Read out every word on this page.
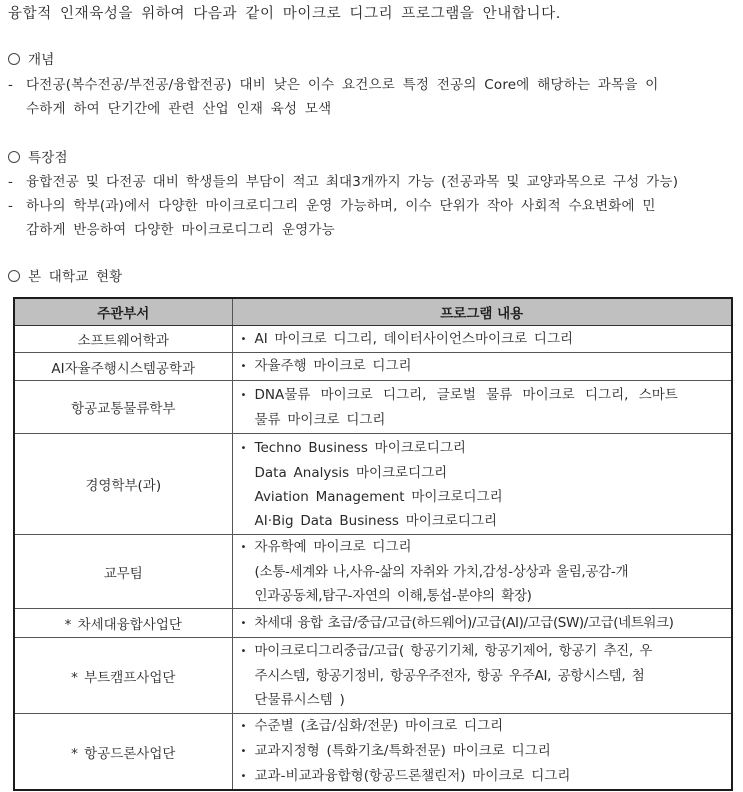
융합적 인재육성을 위하여 다음과 같이 마이크로 디그리 프로그램을 안내합니다.
개념
- 다전공(복수전공/부전공/융합전공) 대비 낮은 이수 요건으로 특정 전공의 Core에 해당하는 과목을 이
수하게 하여 단기간에 관련 산업 인재 육성 모색
특장점
- 융합전공 및 다전공 대비 학생들의 부담이 적고 최대3개까지 가능 (전공과목 및 교양과목으로 구성 가능)
- 하나의 학부(과)에서 다양한 마이크로디그리 운영 가능하며, 이수 단위가 작아 사회적 수요변화에 민
감하게 반응하여 다양한 마이크로디그리 운영가능
본 대학교 현황
주관부서	프로그램 내용
소프트웨어학과	• AI 마이크로 디그리, 데이터사이언스마이크로 디그리

AI자율주행시스템공학과	• 자율주행 마이크로 디그리

항공교통물류학부	• DNA물류 마이크로 디그리, 글로벌 물류 마이크로 디그리, 스마트
물류 마이크로 디그리

경영학부(과)	• Techno Business 마이크로디그리
Data Analysis 마이크로디그리
Aviation Management 마이크로디그리
AI·Big Data Business 마이크로디그리

교무팀	• 자유학예 마이크로 디그리
(소통-세계와 나,사유-삶의 자취와 가치,감성-상상과 울림,공감-개
인과공동체,탐구-자연의 이해,통섭-분야의 확장)

* 차세대융합사업단	• 차세대 융합 초급/중급/고급(하드웨어)/고급(AI)/고급(SW)/고급(네트워크)

* 부트캠프사업단	• 마이크로디그리중급/고급( 항공기기체, 항공기제어, 항공기 추진, 우
주시스템, 항공기정비, 항공우주전자, 항공 우주AI, 공항시스템, 첨
단물류시스템 )

* 항공드론사업단	• 수준별 (초급/심화/전문) 마이크로 디그리
• 교과지정형 (특화기초/특화전문) 마이크로 디그리
• 교과-비교과융합형(항공드론챌린저) 마이크로 디그리
